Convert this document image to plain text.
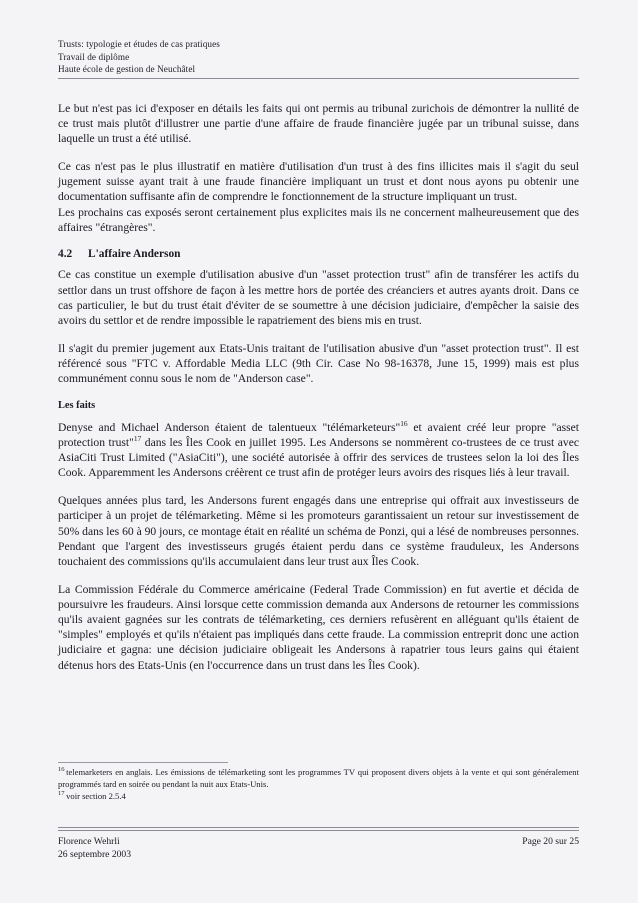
Trusts: typologie et études de cas pratiques
Travail de diplôme
Haute école de gestion de Neuchâtel

Le but n'est pas ici d'exposer en détails les faits qui ont permis au tribunal zurichois de démontrer la nullité de ce trust mais plutôt d'illustrer une partie d'une affaire de fraude financière jugée par un tribunal suisse, dans laquelle un trust a été utilisé.

Ce cas n'est pas le plus illustratif en matière d'utilisation d'un trust à des fins illicites mais il s'agit du seul jugement suisse ayant trait à une fraude financière impliquant un trust et dont nous ayons pu obtenir une documentation suffisante afin de comprendre le fonctionnement de la structure impliquant un trust.

Les prochains cas exposés seront certainement plus explicites mais ils ne concernent malheureusement que des affaires "étrangères".

4.2 L'affaire Anderson

Ce cas constitue un exemple d'utilisation abusive d'un "asset protection trust" afin de transférer les actifs du settlor dans un trust offshore de façon à les mettre hors de portée des créanciers et autres ayants droit. Dans ce cas particulier, le but du trust était d'éviter de se soumettre à une décision judiciaire, d'empêcher la saisie des avoirs du settlor et de rendre impossible le rapatriement des biens mis en trust.

Il s'agit du premier jugement aux Etats-Unis traitant de l'utilisation abusive d'un "asset protection trust". Il est référencé sous "FTC v. Affordable Media LLC (9th Cir. Case No 98-16378, June 15, 1999) mais est plus communément connu sous le nom de "Anderson case".

Les faits

Denyse and Michael Anderson étaient de talentueux "télémarketeurs"$^{16}$ et avaient créé leur propre "asset protection trust"$^{17}$ dans les Îles Cook en juillet 1995. Les Andersons se nommèrent co-trustees de ce trust avec AsiaCiti Trust Limited ("AsiaCiti"), une société autorisée à offrir des services de trustees selon la loi des Îles Cook. Apparemment les Andersons créèrent ce trust afin de protéger leurs avoirs des risques liés à leur travail.

Quelques années plus tard, les Andersons furent engagés dans une entreprise qui offrait aux investisseurs de participer à un projet de télémarketing. Même si les promoteurs garantissaient un retour sur investissement de 50% dans les 60 à 90 jours, ce montage était en réalité un schéma de Ponzi, qui a lésé de nombreuses personnes. Pendant que l'argent des investisseurs grugés étaient perdu dans ce système frauduleux, les Andersons touchaient des commissions qu'ils accumulaient dans leur trust aux Îles Cook.

La Commission Fédérale du Commerce américaine (Federal Trade Commission) en fut avertie et décida de poursuivre les fraudeurs. Ainsi lorsque cette commission demanda aux Andersons de retourner les commissions qu'ils avaient gagnées sur les contrats de télémarketing, ces derniers refusèrent en alléguant qu'ils étaient de "simples" employés et qu'ils n'étaient pas impliqués dans cette fraude. La commission entreprit donc une action judiciaire et gagna: une décision judiciaire obligeait les Andersons à rapatrier tous leurs gains qui étaient détenus hors des Etats-Unis (en l'occurrence dans un trust dans les Îles Cook).

$^{16}$ telemarketers en anglais. Les émissions de télémarketing sont les programmes TV qui proposent divers objets à la vente et qui sont généralement programmés tard en soirée ou pendant la nuit aux Etats-Unis.

$^{17}$ voir section 2.5.4

Florence Wehrli
26 septembre 2003
Page 20 sur 25
